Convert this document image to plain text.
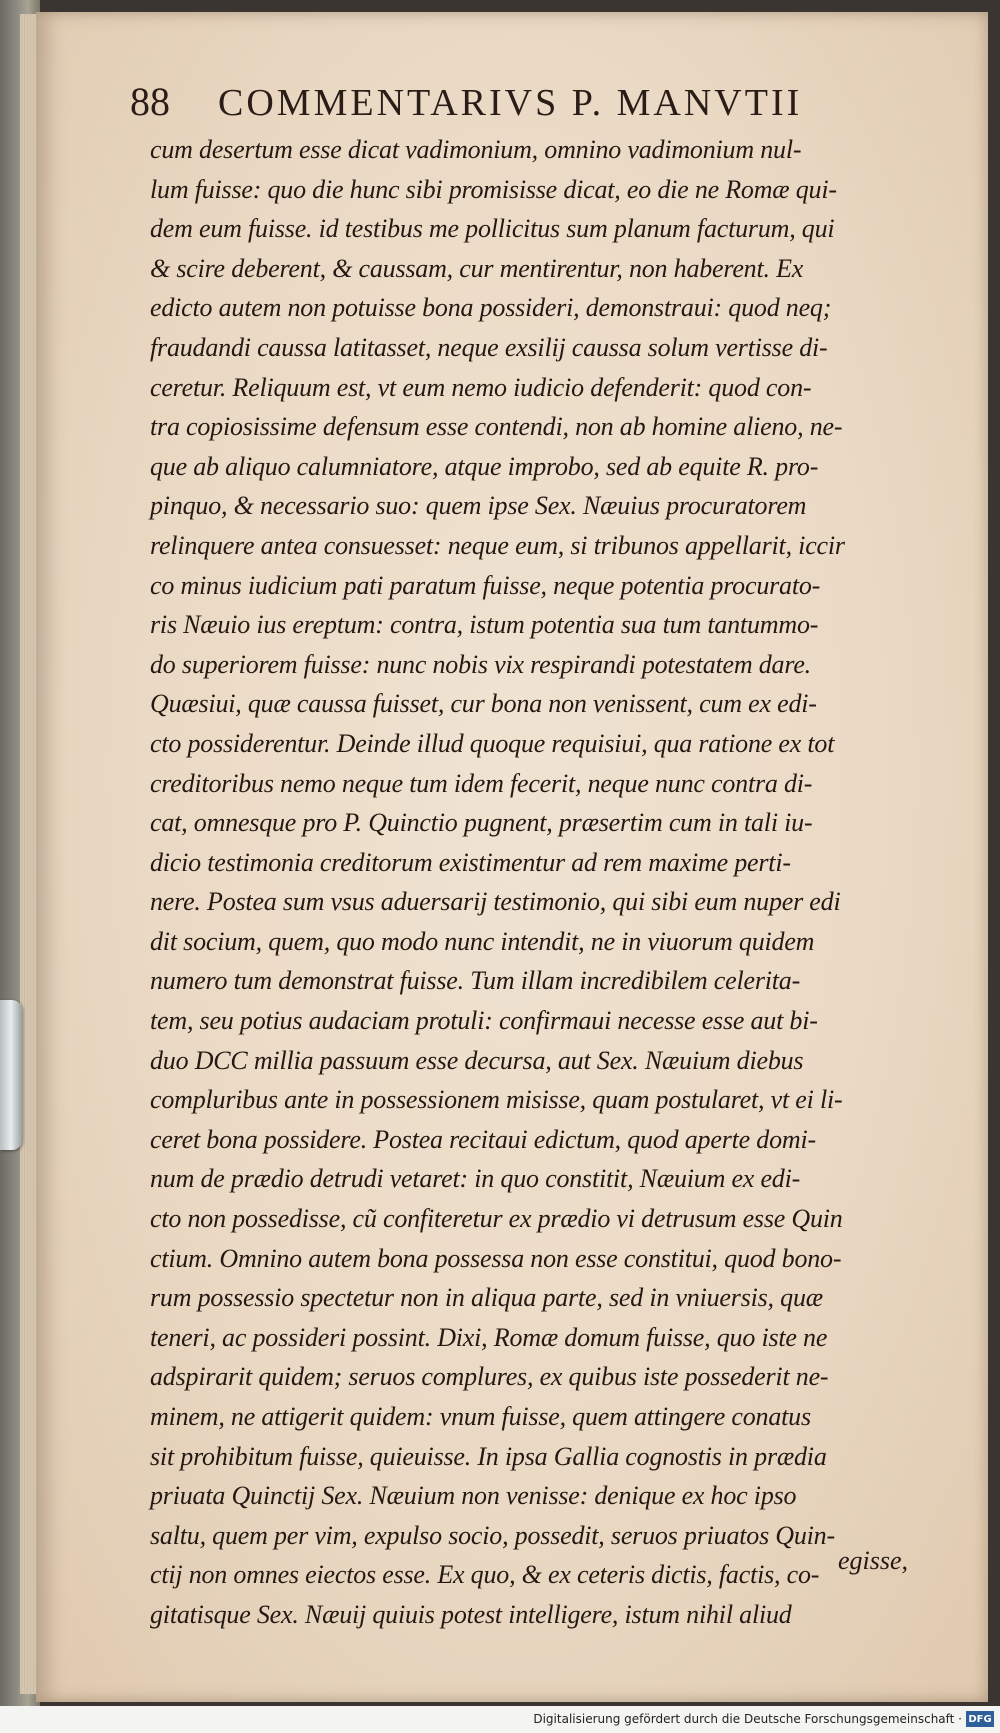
88 COMMENTARIVS P. MANVTII
cum desertum esse dicat vadimonium, omnino vadimonium nul-
lum fuisse: quo die hunc sibi promisisse dicat, eo die ne Romæ qui-
dem eum fuisse. id testibus me pollicitus sum planum facturum, qui
& scire deberent, & caussam, cur mentirentur, non haberent. Ex
edicto autem non potuisse bona possideri, demonstraui: quod neq;
fraudandi caussa latitasset, neque exsilij caussa solum vertisse di-
ceretur. Reliquum est, vt eum nemo iudicio defenderit: quod con-
tra copiosissime defensum esse contendi, non ab homine alieno, ne-
que ab aliquo calumniatore, atque improbo, sed ab equite R. pro-
pinquo, & necessario suo: quem ipse Sex. Næuius procuratorem
relinquere antea consuesset: neque eum, si tribunos appellarit, iccir
co minus iudicium pati paratum fuisse, neque potentia procurato-
ris Næuio ius ereptum: contra, istum potentia sua tum tantummo-
do superiorem fuisse: nunc nobis vix respirandi potestatem dare.
Quæsiui, quæ caussa fuisset, cur bona non venissent, cum ex edi-
cto possiderentur. Deinde illud quoque requisiui, qua ratione ex tot
creditoribus nemo neque tum idem fecerit, neque nunc contra di-
cat, omnesque pro P. Quinctio pugnent, præsertim cum in tali iu-
dicio testimonia creditorum existimentur ad rem maxime perti-
nere. Postea sum vsus aduersarij testimonio, qui sibi eum nuper edi
dit socium, quem, quo modo nunc intendit, ne in viuorum quidem
numero tum demonstrat fuisse. Tum illam incredibilem celerita-
tem, seu potius audaciam protuli: confirmaui necesse esse aut bi-
duo DCC millia passuum esse decursa, aut Sex. Næuium diebus
compluribus ante in possessionem misisse, quam postularet, vt ei li-
ceret bona possidere. Postea recitaui edictum, quod aperte domi-
num de prædio detrudi vetaret: in quo constitit, Næuium ex edi-
cto non possedisse, cũ confiteretur ex prædio vi detrusum esse Quin
ctium. Omnino autem bona possessa non esse constitui, quod bono-
rum possessio spectetur non in aliqua parte, sed in vniuersis, quæ
teneri, ac possideri possint. Dixi, Romæ domum fuisse, quo iste ne
adspirarit quidem; seruos complures, ex quibus iste possederit ne-
minem, ne attigerit quidem: vnum fuisse, quem attingere conatus
sit prohibitum fuisse, quieuisse. In ipsa Gallia cognostis in prædia
priuata Quinctij Sex. Næuium non venisse: denique ex hoc ipso
saltu, quem per vim, expulso socio, possedit, seruos priuatos Quin-
ctij non omnes eiectos esse. Ex quo, & ex ceteris dictis, factis, co-
gitatisque Sex. Næuij quiuis potest intelligere, istum nihil aliud
egisse,
Digitalisierung gefördert durch die Deutsche Forschungsgemeinschaft · DFG
